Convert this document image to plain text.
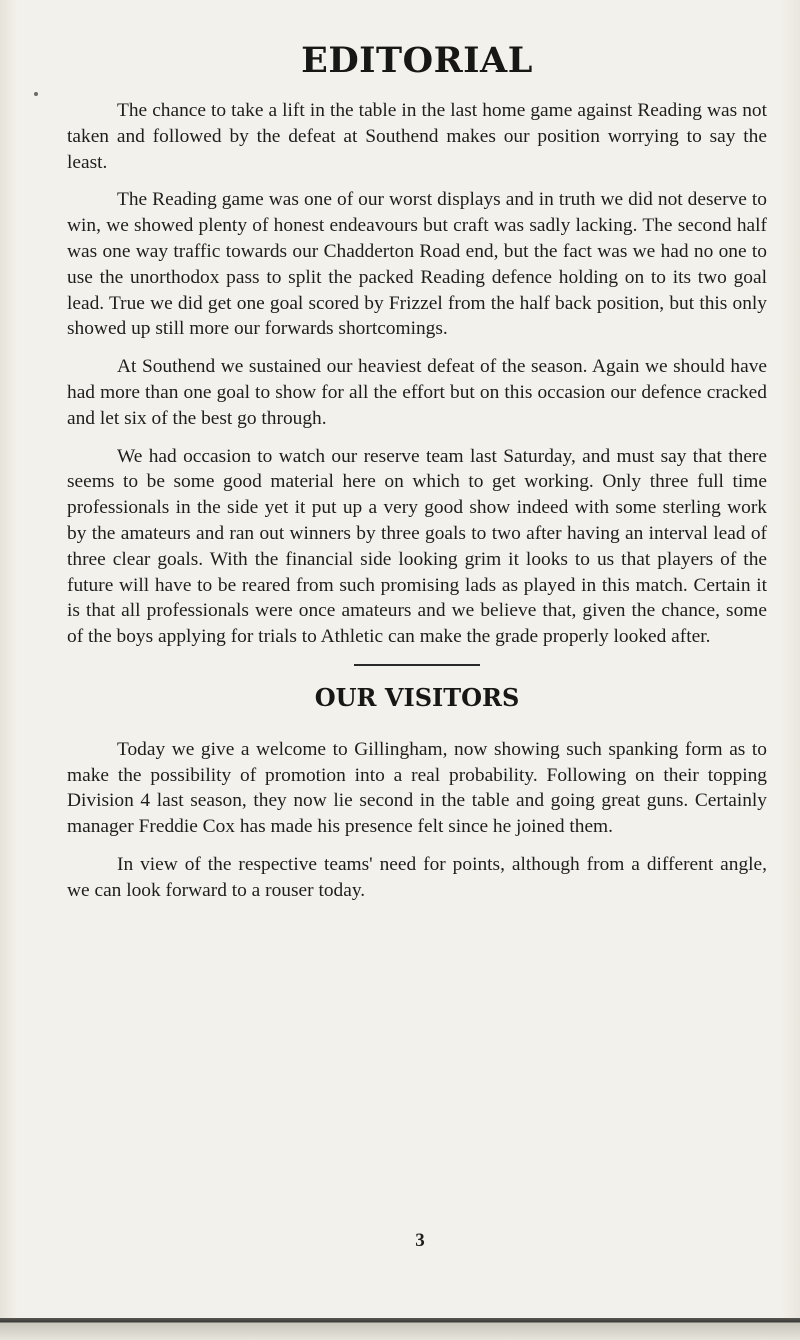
EDITORIAL

The chance to take a lift in the table in the last home game against Reading was not taken and followed by the defeat at Southend makes our position worrying to say the least.

The Reading game was one of our worst displays and in truth we did not deserve to win, we showed plenty of honest endeavours but craft was sadly lacking. The second half was one way traffic towards our Chadderton Road end, but the fact was we had no one to use the unorthodox pass to split the packed Reading defence holding on to its two goal lead. True we did get one goal scored by Frizzel from the half back position, but this only showed up still more our forwards shortcomings.

At Southend we sustained our heaviest defeat of the season. Again we should have had more than one goal to show for all the effort but on this occasion our defence cracked and let six of the best go through.

We had occasion to watch our reserve team last Saturday, and must say that there seems to be some good material here on which to get working. Only three full time professionals in the side yet it put up a very good show indeed with some sterling work by the amateurs and ran out winners by three goals to two after having an interval lead of three clear goals. With the financial side looking grim it looks to us that players of the future will have to be reared from such promising lads as played in this match. Certain it is that all professionals were once amateurs and we believe that, given the chance, some of the boys applying for trials to Athletic can make the grade properly looked after.

OUR VISITORS

Today we give a welcome to Gillingham, now showing such spanking form as to make the possibility of promotion into a real probability. Following on their topping Division 4 last season, they now lie second in the table and going great guns. Certainly manager Freddie Cox has made his presence felt since he joined them.

In view of the respective teams' need for points, although from a different angle, we can look forward to a rouser today.

3
